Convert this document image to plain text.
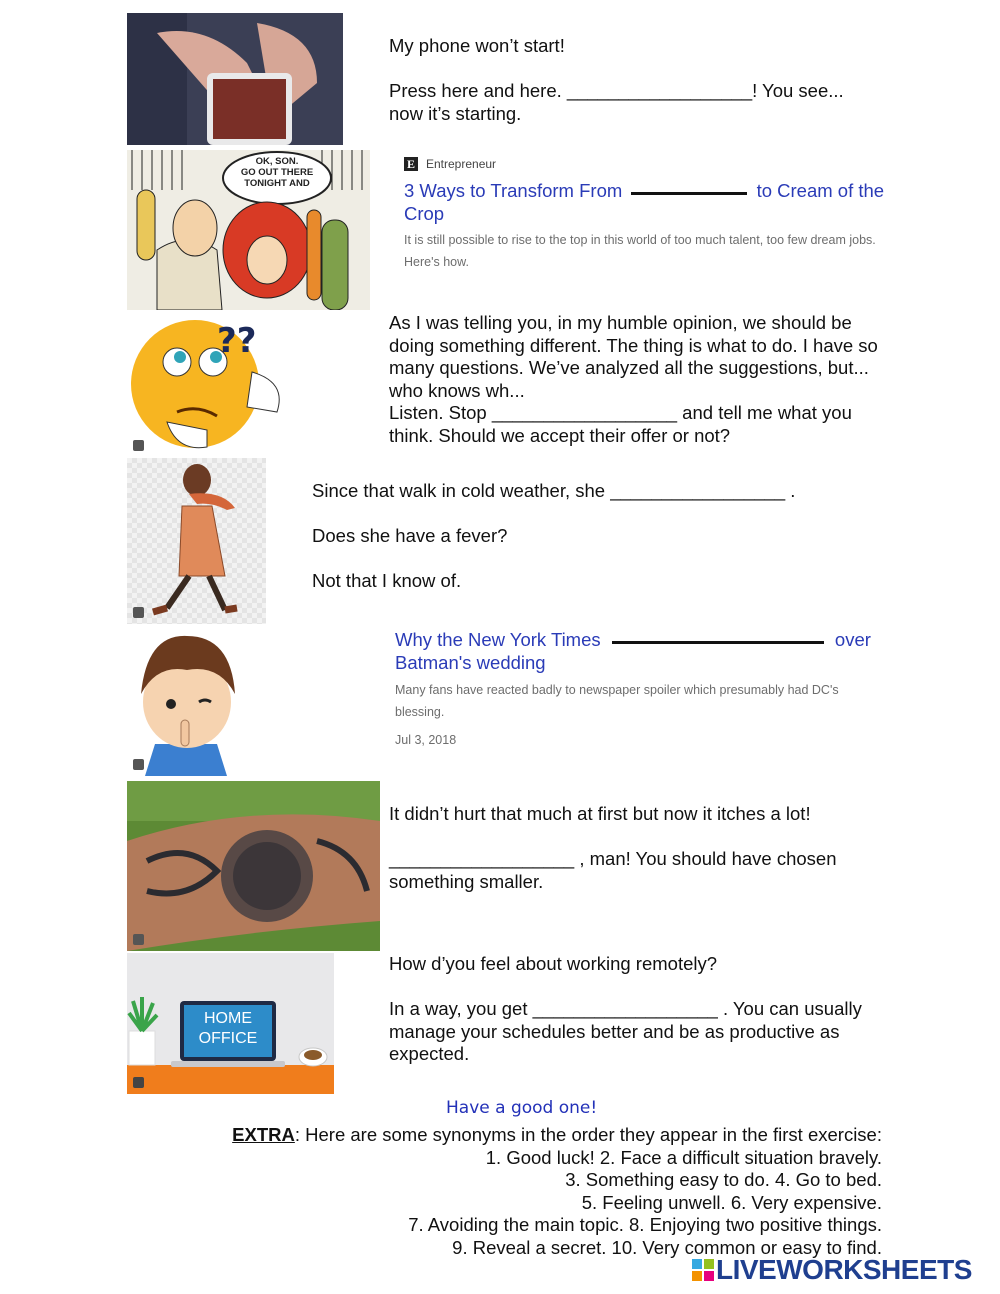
My phone won’t start!

Press here and here. __________________! You see...
now it’s starting.
OK, SON.
GO OUT THERE
TONIGHT AND
E Entrepreneur
3 Ways to Transform From	to Cream of the
Crop
It is still possible to rise to the top in this world of too much talent, too few dream jobs.
Here's how.
??	As I was telling you, in my humble opinion, we should be
doing something different. The thing is what to do. I have so
many questions. We’ve analyzed all the suggestions, but...
who knows wh...
Listen. Stop __________________ and tell me what you
think. Should we accept their offer or not?
Since that walk in cold weather, she _________________ .

Does she have a fever?

Not that I know of.
Why the New York Times	over
Batman's wedding
Many fans have reacted badly to newspaper spoiler which presumably had DC's
blessing.
Jul 3, 2018
It didn’t hurt that much at first but now it itches a lot!

__________________ , man! You should have chosen
something smaller.
HOME
OFFICE
How d’you feel about working remotely?

In a way, you get __________________ . You can usually
manage your schedules better and be as productive as
expected.
Have a good one!
EXTRA: Here are some synonyms in the order they appear in the first exercise:
1. Good luck! 2. Face a difficult situation bravely.
3. Something easy to do. 4. Go to bed.
5. Feeling unwell. 6. Very expensive.
7. Avoiding the main topic. 8. Enjoying two positive things.
9. Reveal a secret. 10. Very common or easy to find.
LIVEWORKSHEETS
